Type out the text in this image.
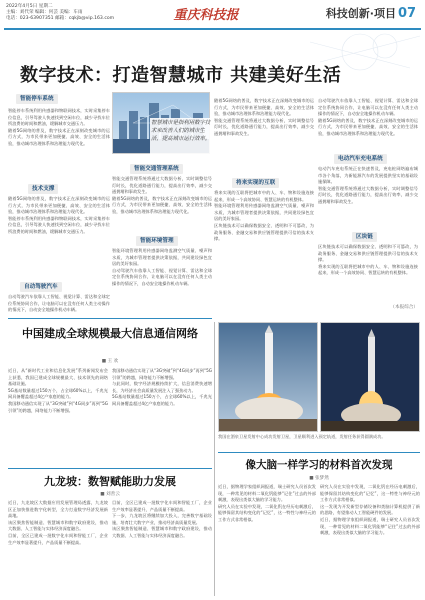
2022年4月5日 星期二
主编：刘代荣 编辑：何芸 美编：车雨
电话：023-63907351 邮箱：cqkjb@vip.163.com	重庆科技报	科技创新·项目 07
数字技术：打造智慧城市 共建美好生活
智能停车系统
智能停车系统利用传感器和物联网技术，实时采集停车位信息，引导驾驶人快速找到空闲车位，减少寻找车位所浪费的时间和燃油，缓解城市交通压力。
随着5G网络的普及，数字技术正在深刻改变城市的运行方式，为市民带来更加便捷、高效、安全的生活体验，推动城市治理体系和治理能力现代化。
技术支撑
随着5G网络的普及，数字技术正在深刻改变城市的运行方式，为市民带来更加便捷、高效、安全的生活体验，推动城市治理体系和治理能力现代化。
智能停车系统利用传感器和物联网技术，实时采集停车位信息，引导驾驶人快速找到空闲车位，减少寻找车位所浪费的时间和燃油，缓解城市交通压力。
自动驾驶汽车
自动驾驶汽车依靠人工智能、视觉计算、雷达和全球定位系统协同合作，让电脑可以在没有任何人类主动操作的情况下，自动安全地操作机动车辆。
智慧城市是指利用数字技术来改善人们的城市生活，提高城市运行效率。
智能交通管理系统
智能交通管理系统将通过大数据分析，实时调整信号灯时长，优化道路通行能力，提高出行效率，减少交通拥堵和事故发生。
随着5G网络的普及，数字技术正在深刻改变城市的运行方式，为市民带来更加便捷、高效、安全的生活体验，推动城市治理体系和治理能力现代化。
智能环境管理
智能环境管理利用传感器网络监测空气质量、噪声和水质，为城市管理者提供决策依据，共同建设绿色宜居的美好家园。
自动驾驶汽车依靠人工智能、视觉计算、雷达和全球定位系统协同合作，让电脑可以在没有任何人类主动操作的情况下，自动安全地操作机动车辆。
随着5G网络的普及，数字技术正在深刻改变城市的运行方式，为市民带来更加便捷、高效、安全的生活体验，推动城市治理体系和治理能力现代化。
智能交通管理系统将通过大数据分析，实时调整信号灯时长，优化道路通行能力，提高出行效率，减少交通拥堵和事故发生。
将来实现的互联
将来实现的互联将把城市中的人、车、物和设施连接起来，形成一个高效协同、智慧运转的有机整体。
智能环境管理利用传感器网络监测空气质量、噪声和水质，为城市管理者提供决策依据，共同建设绿色宜居的美好家园。
区块链技术可以确保数据安全、透明和不可篡改，为政务服务、金融交易和供应链管理提供可信的技术支撑。
自动驾驶汽车依靠人工智能、视觉计算、雷达和全球定位系统协同合作，让电脑可以在没有任何人类主动操作的情况下，自动安全地操作机动车辆。
随着5G网络的普及，数字技术正在深刻改变城市的运行方式，为市民带来更加便捷、高效、安全的生活体验，推动城市治理体系和治理能力现代化。
电动汽车充电系统
电动汽车充电系统正在快速普及，充电桩网络遍布城市各个角落，为新能源汽车的发展提供坚实的基础设施保障。
智能交通管理系统将通过大数据分析，实时调整信号灯时长，优化道路通行能力，提高出行效率，减少交通拥堵和事故发生。
区块链
区块链技术可以确保数据安全、透明和不可篡改，为政务服务、金融交易和供应链管理提供可信的技术支撑。
将来实现的互联将把城市中的人、车、物和设施连接起来，形成一个高效协同、智慧运转的有机整体。
（本报综合）
中国建成全球规模最大信息通信网络
■ 王 欢
近日，从“新时代工业和信息化发展”系列新闻发布会上获悉，我国已建成全球规模最大、技术领先的网络基础设施。
5G基站数量超过150万个，占全球60%以上，千兆光网具备覆盖超过4亿户家庭的能力。
我国移动通信实现了从“3G突破”到“4G同步”再到“5G引领”的跨越，网络能力不断增强。
我国移动通信实现了从“3G突破”到“4G同步”再到“5G引领”的跨越，网络能力不断增强。
与此同时，数字经济规模持续扩大，信息消费快速增长，为经济社会高质量发展注入了强劲动力。
5G基站数量超过150万个，占全球60%以上，千兆光网具备覆盖超过4亿户家庭的能力。
九龙坡：数智赋能助力发展
■ 刘善云
近日，九龙坡区大数据应用发展管理局透露，九龙坡区正加快推进数字化转型，全力打造数字经济发展新高地。
该区聚焦智能制造、智慧城市和数字政府建设，推动大数据、人工智能与实体经济深度融合。
目前，全区已建成一批数字化车间和智能工厂，企业生产效率显著提升，产品质量不断提高。
目前，全区已建成一批数字化车间和智能工厂，企业生产效率显著提升，产品质量不断提高。
下一步，九龙坡区将继续加大投入，完善数字基础设施，培育壮大数字产业，推动经济高质量发展。
该区聚焦智能制造、智慧城市和数字政府建设，推动大数据、人工智能与实体经济深度融合。
我国在酒泉卫星发射中心成功发射卫星，卫星顺利进入预定轨道，发射任务获得圆满成功。
像大脑一样学习的材料首次发现
■ 张梦然
近日，据物理学家组织网报道，瑞士研究人员首次发现，一种常见的材料二氧化钒能够“记住”过去的外部刺激，表现出类似大脑的学习能力。
研究人员在实验中发现，二氧化钒在经历电刺激后，能够保留其结构变化的“记忆”，这一特性与神经元的工作方式非常相似。
研究人员在实验中发现，二氧化钒在经历电刺激后，能够保留其结构变化的“记忆”，这一特性与神经元的工作方式非常相似。
这一发现为开发新型存储设备和类脑计算机提供了新的思路，有望推动人工智能硬件的发展。
近日，据物理学家组织网报道，瑞士研究人员首次发现，一种常见的材料二氧化钒能够“记住”过去的外部刺激，表现出类似大脑的学习能力。
